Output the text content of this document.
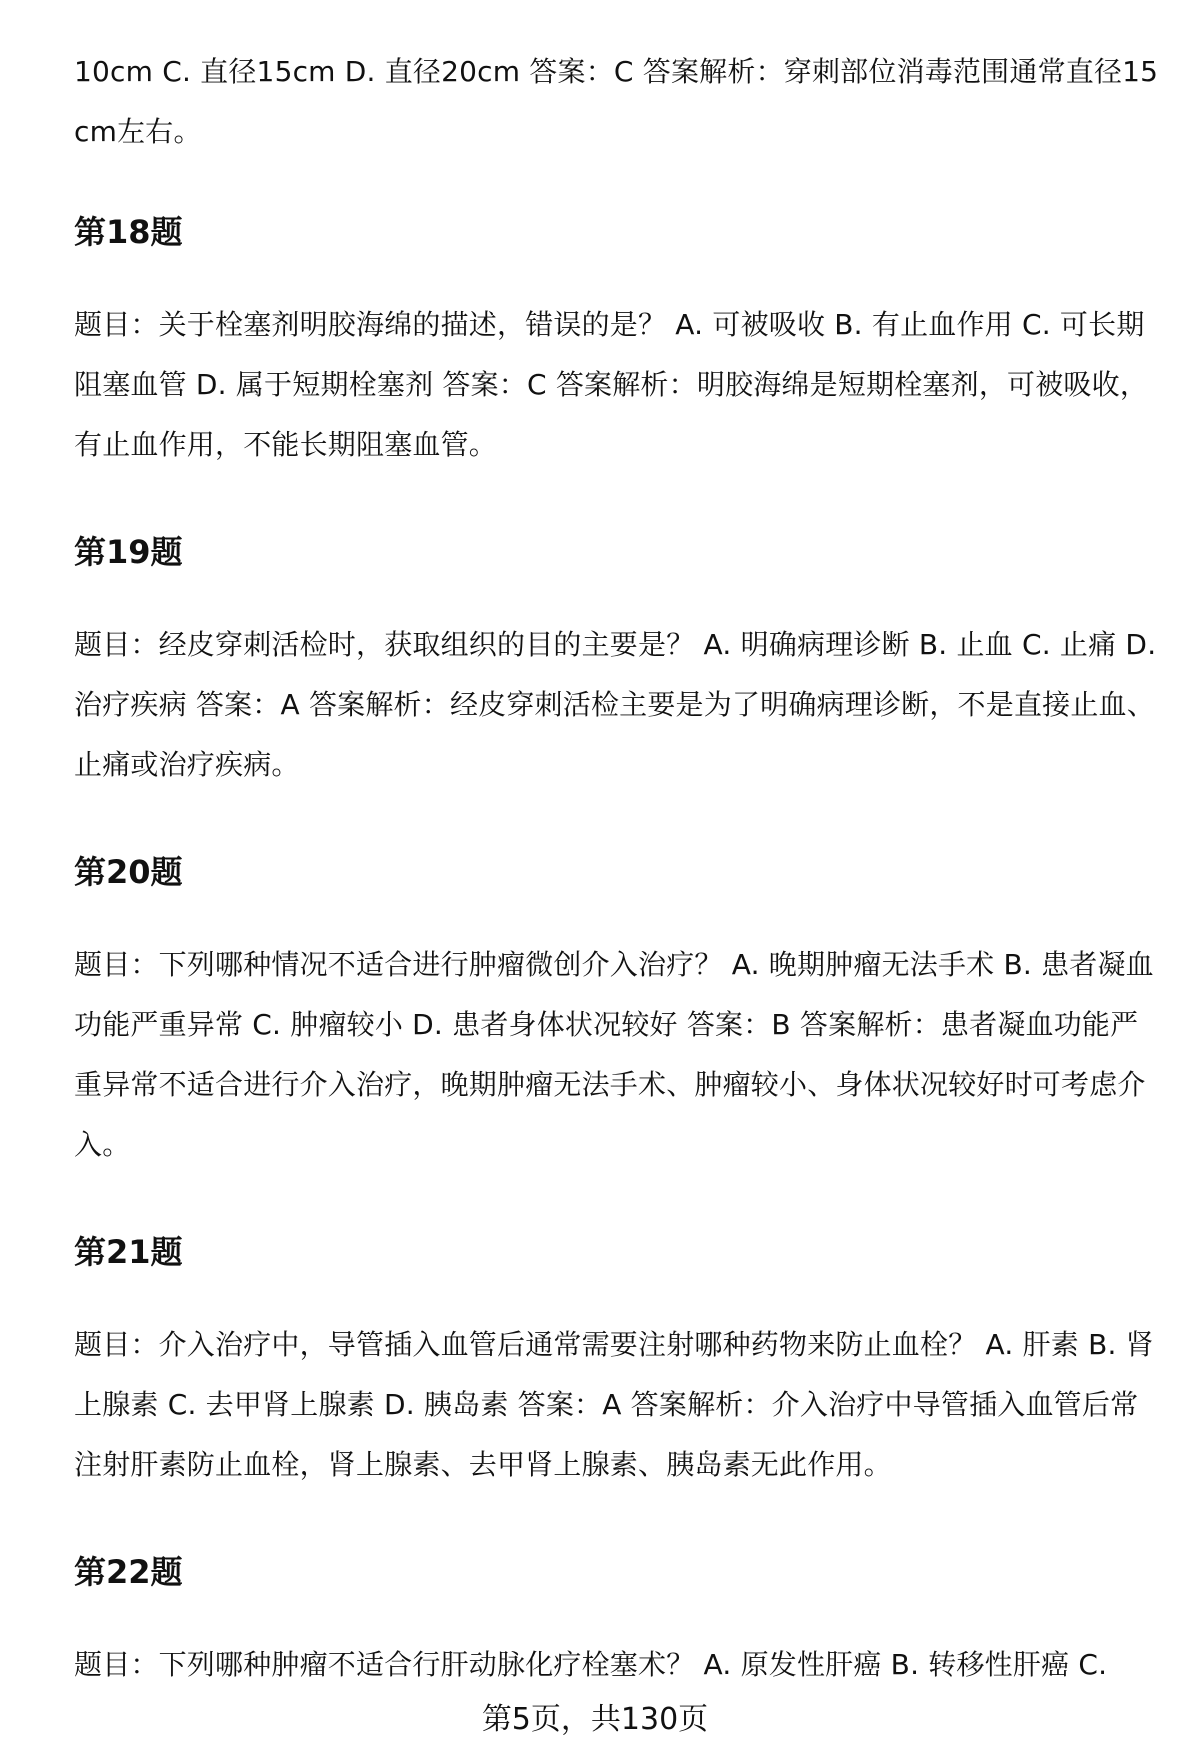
10cm C. 直径15cm D. 直径20cm 答案：C 答案解析：穿刺部位消毒范围通常直径15cm左右。

第18题

题目：关于栓塞剂明胶海绵的描述，错误的是？ A. 可被吸收 B. 有止血作用 C. 可长期阻塞血管 D. 属于短期栓塞剂 答案：C 答案解析：明胶海绵是短期栓塞剂，可被吸收，有止血作用，不能长期阻塞血管。

第19题

题目：经皮穿刺活检时，获取组织的目的主要是？ A. 明确病理诊断 B. 止血 C. 止痛 D. 治疗疾病 答案：A 答案解析：经皮穿刺活检主要是为了明确病理诊断，不是直接止血、止痛或治疗疾病。

第20题

题目：下列哪种情况不适合进行肿瘤微创介入治疗？ A. 晚期肿瘤无法手术 B. 患者凝血功能严重异常 C. 肿瘤较小 D. 患者身体状况较好 答案：B 答案解析：患者凝血功能严重异常不适合进行介入治疗，晚期肿瘤无法手术、肿瘤较小、身体状况较好时可考虑介入。

第21题

题目：介入治疗中，导管插入血管后通常需要注射哪种药物来防止血栓？ A. 肝素 B. 肾上腺素 C. 去甲肾上腺素 D. 胰岛素 答案：A 答案解析：介入治疗中导管插入血管后常注射肝素防止血栓，肾上腺素、去甲肾上腺素、胰岛素无此作用。

第22题

题目：下列哪种肿瘤不适合行肝动脉化疗栓塞术？ A. 原发性肝癌 B. 转移性肝癌 C.

第5页，共130页
